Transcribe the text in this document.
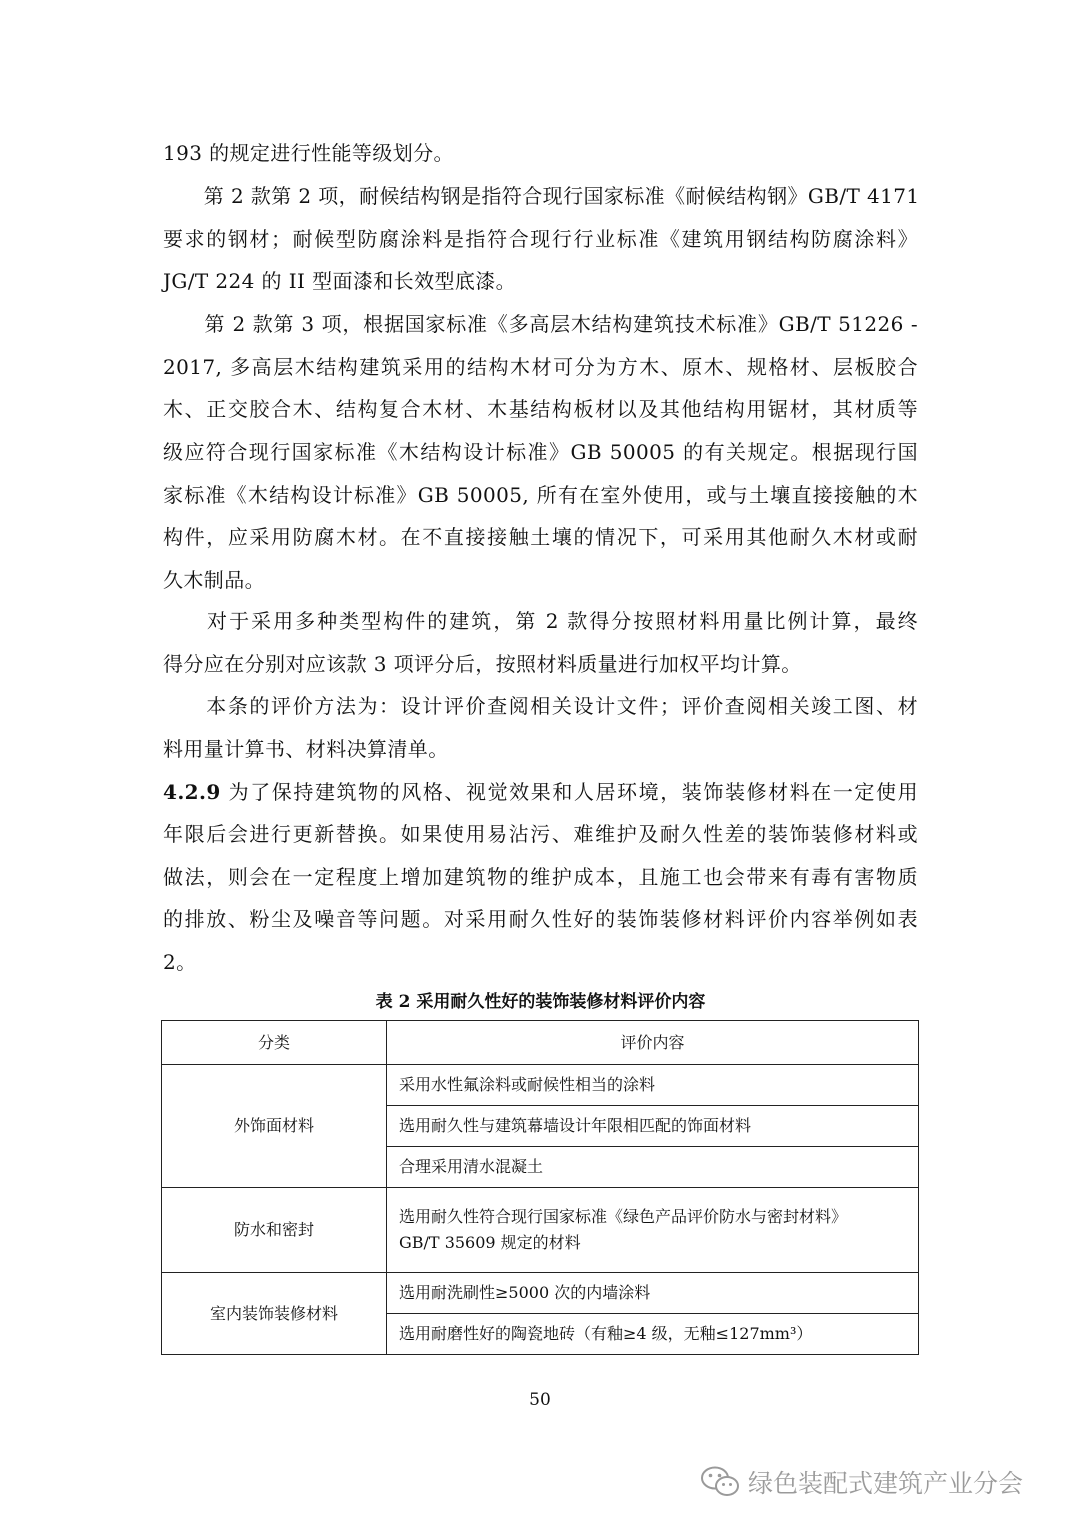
193 的规定进行性能等级划分。
　　第 2 款第 2 项，耐候结构钢是指符合现行国家标准《耐候结构钢》GB/T 4171
要求的钢材；耐候型防腐涂料是指符合现行行业标准《建筑用钢结构防腐涂料》
JG/T 224 的 II 型面漆和长效型底漆。
　　第 2 款第 3 项，根据国家标准《多高层木结构建筑技术标准》GB/T 51226 -
2017, 多高层木结构建筑采用的结构木材可分为方木、原木、规格材、层板胶合
木、正交胶合木、结构复合木材、木基结构板材以及其他结构用锯材，其材质等
级应符合现行国家标准《木结构设计标准》GB 50005 的有关规定。根据现行国
家标准《木结构设计标准》GB 50005, 所有在室外使用，或与土壤直接接触的木
构件，应采用防腐木材。在不直接接触土壤的情况下，可采用其他耐久木材或耐
久木制品。
　　对于采用多种类型构件的建筑，第 2 款得分按照材料用量比例计算，最终
得分应在分别对应该款 3 项评分后，按照材料质量进行加权平均计算。
　　本条的评价方法为：设计评价查阅相关设计文件；评价查阅相关竣工图、材
料用量计算书、材料决算清单。
4.2.9 为了保持建筑物的风格、视觉效果和人居环境，装饰装修材料在一定使用
年限后会进行更新替换。如果使用易沾污、难维护及耐久性差的装饰装修材料或
做法，则会在一定程度上增加建筑物的维护成本，且施工也会带来有毒有害物质
的排放、粉尘及噪音等问题。对采用耐久性好的装饰装修材料评价内容举例如表
2。
表 2 采用耐久性好的装饰装修材料评价内容
分类	评价内容
外饰面材料	采用水性氟涂料或耐候性相当的涂料
	选用耐久性与建筑幕墙设计年限相匹配的饰面材料
	合理采用清水混凝土
防水和密封	选用耐久性符合现行国家标准《绿色产品评价防水与密封材料》 GB/T 35609 规定的材料
室内装饰装修材料	选用耐洗刷性≥5000 次的内墙涂料
	选用耐磨性好的陶瓷地砖（有釉≥4 级，无釉≤127mm³）
50
绿色装配式建筑产业分会
